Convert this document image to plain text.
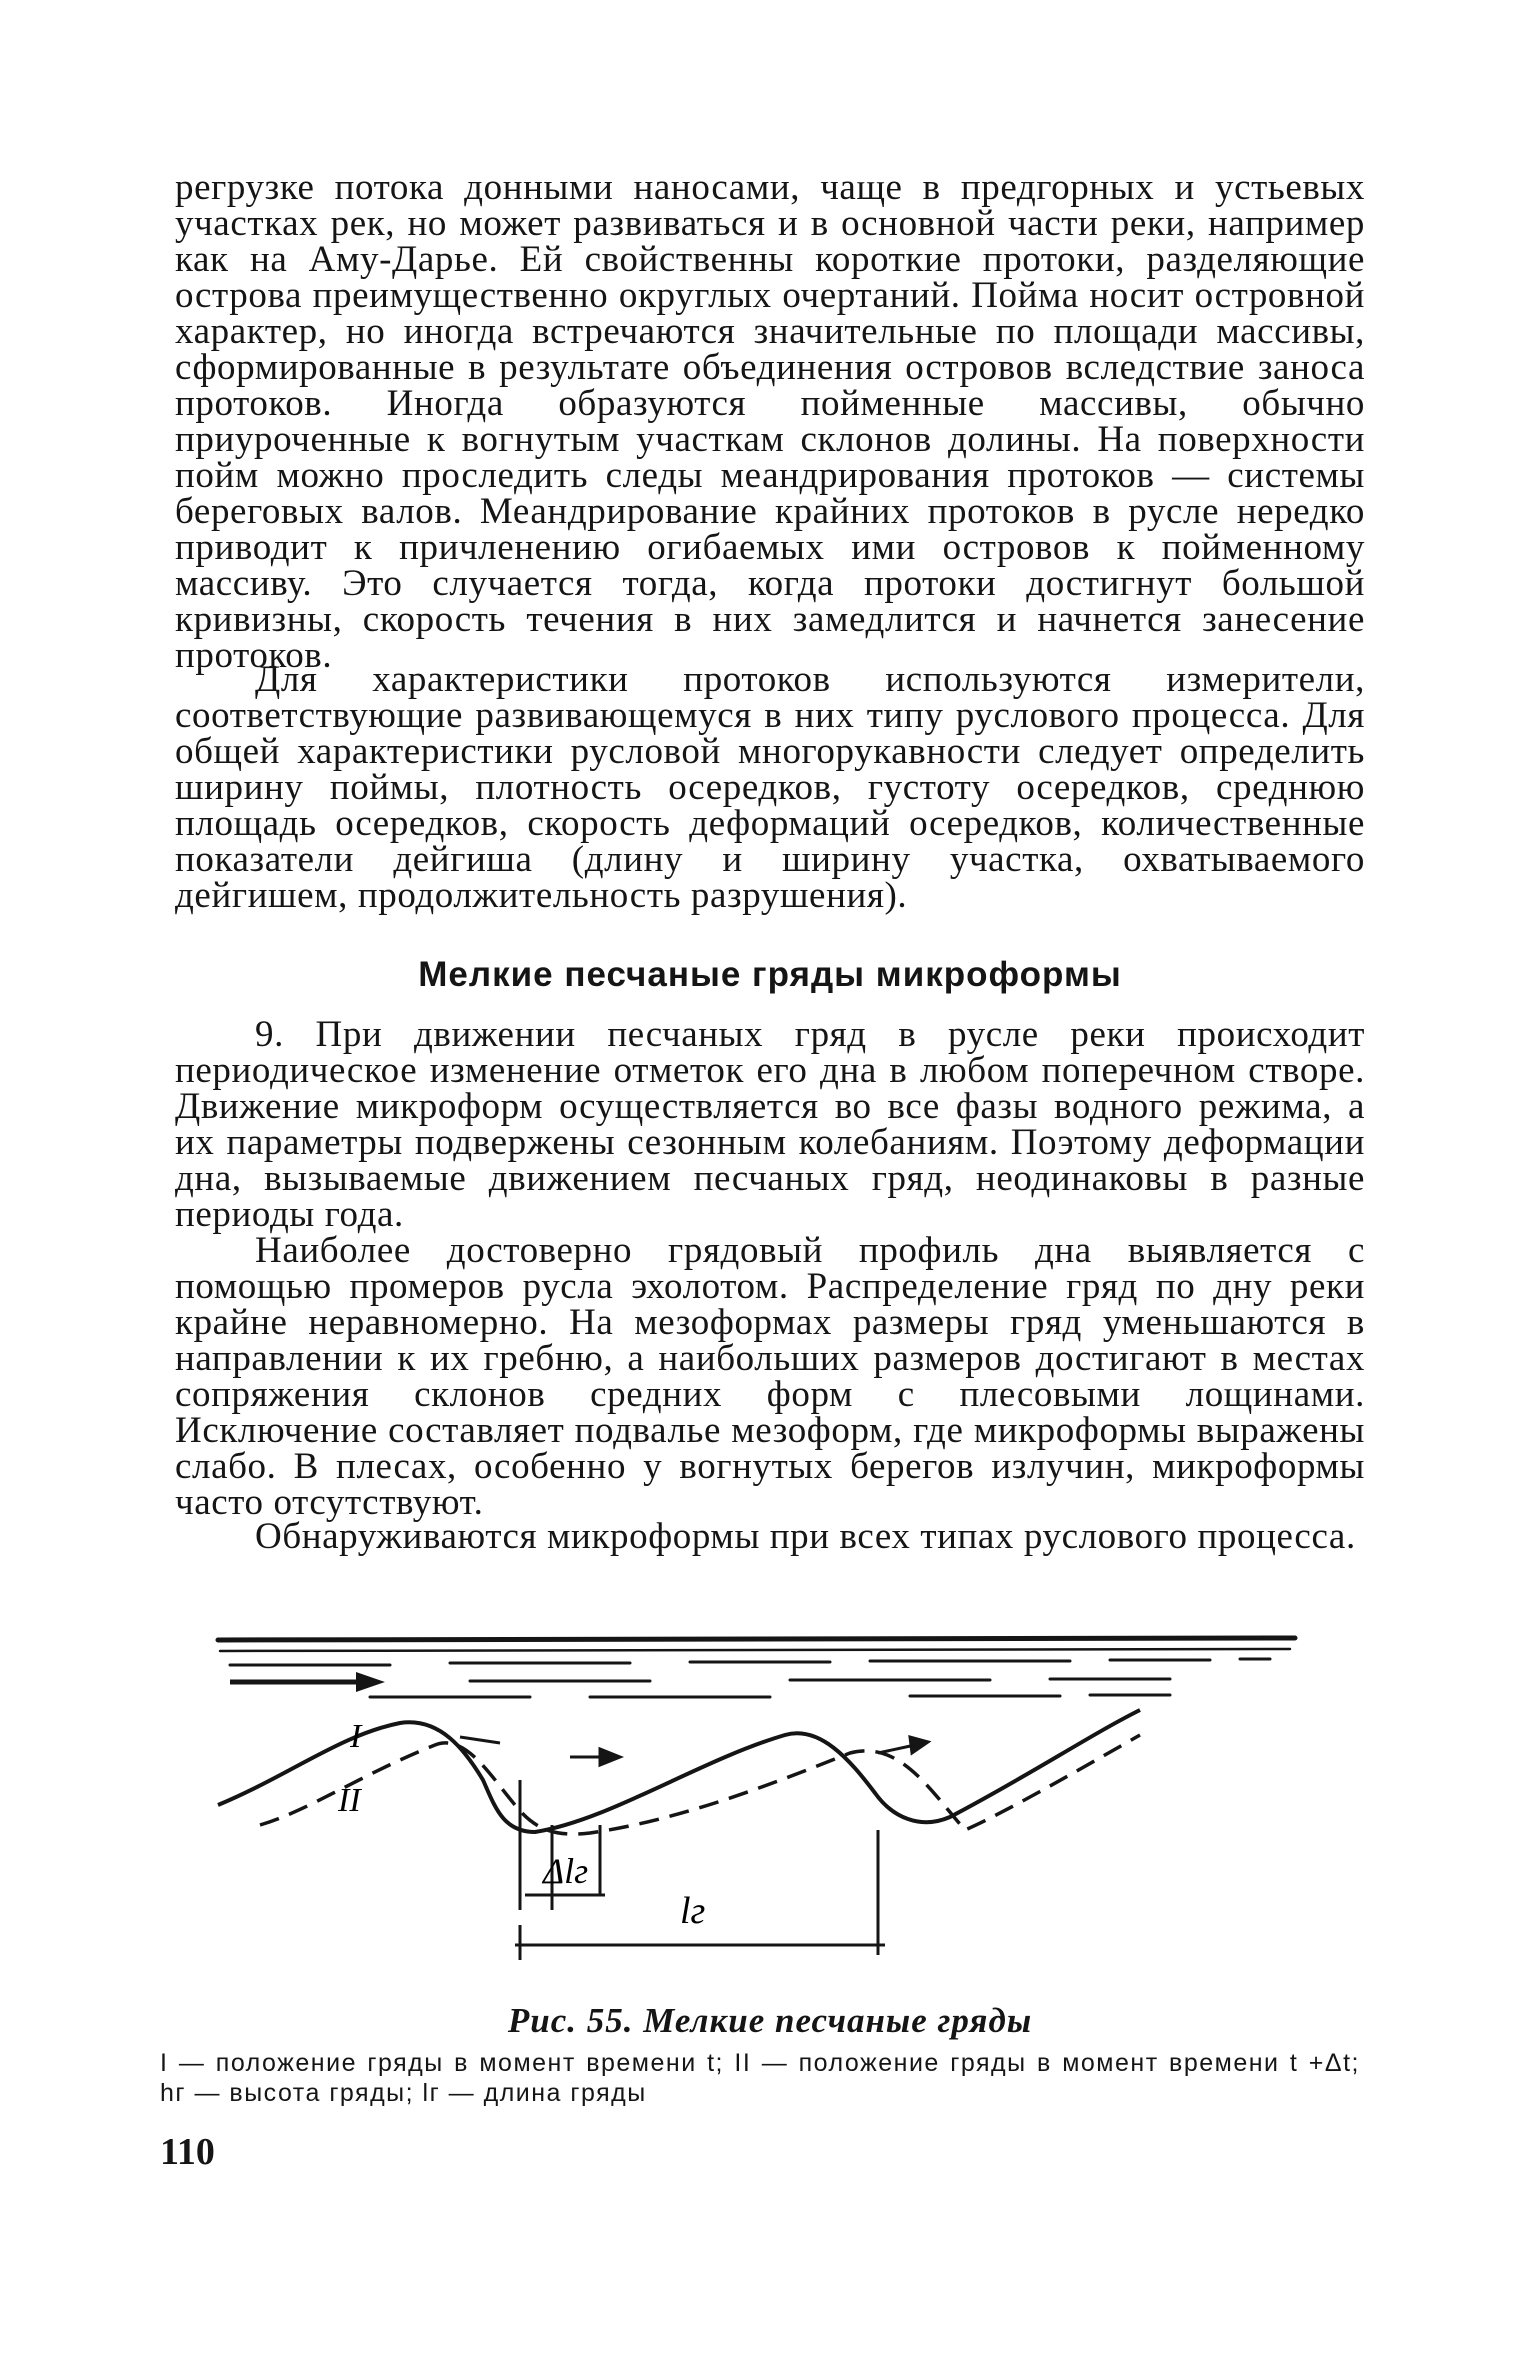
регрузке потока донными наносами, чаще в предгорных и устьевых участках рек, но может развиваться и в основной части реки, например как на Аму-Дарье. Ей свойственны короткие протоки, разделяющие острова преимущественно округлых очертаний. Пойма носит островной характер, но иногда встречаются значительные по площади массивы, сформированные в результате объединения островов вследствие заноса протоков. Иногда образуются пойменные массивы, обычно приуроченные к вогнутым участкам склонов долины. На поверхности пойм можно проследить следы меандрирования протоков — системы береговых валов. Меандрирование крайних протоков в русле нередко приводит к причленению огибаемых ими островов к пойменному массиву. Это случается тогда, когда протоки достигнут большой кривизны, скорость течения в них замедлится и начнется занесение протоков.

Для характеристики протоков используются измерители, соответствующие развивающемуся в них типу руслового процесса. Для общей характеристики русловой многорукавности следует определить ширину поймы, плотность осередков, густоту осередков, среднюю площадь осередков, скорость деформаций осередков, количественные показатели дейгиша (длину и ширину участка, охватываемого дейгишем, продолжительность разрушения).

Мелкие песчаные гряды микроформы

9. При движении песчаных гряд в русле реки происходит периодическое изменение отметок его дна в любом поперечном створе. Движение микроформ осуществляется во все фазы водного режима, а их параметры подвержены сезонным колебаниям. Поэтому деформации дна, вызываемые движением песчаных гряд, неодинаковы в разные периоды года.

Наиболее достоверно грядовый профиль дна выявляется с помощью промеров русла эхолотом. Распределение гряд по дну реки крайне неравномерно. На мезоформах размеры гряд уменьшаются в направлении к их гребню, а наибольших размеров достигают в местах сопряжения склонов средних форм с плесовыми лощинами. Исключение составляет подвалье мезоформ, где микроформы выражены слабо. В плесах, особенно у вогнутых берегов излучин, микроформы часто отсутствуют.

Обнаруживаются микроформы при всех типах руслового процесса.

I
II
Δlг
lг
Рис. 55. Мелкие песчаные гряды
I — положение гряды в момент времени t; II — положение гряды в момент времени t +Δt; hг — высота гряды; lг — длина гряды
110
